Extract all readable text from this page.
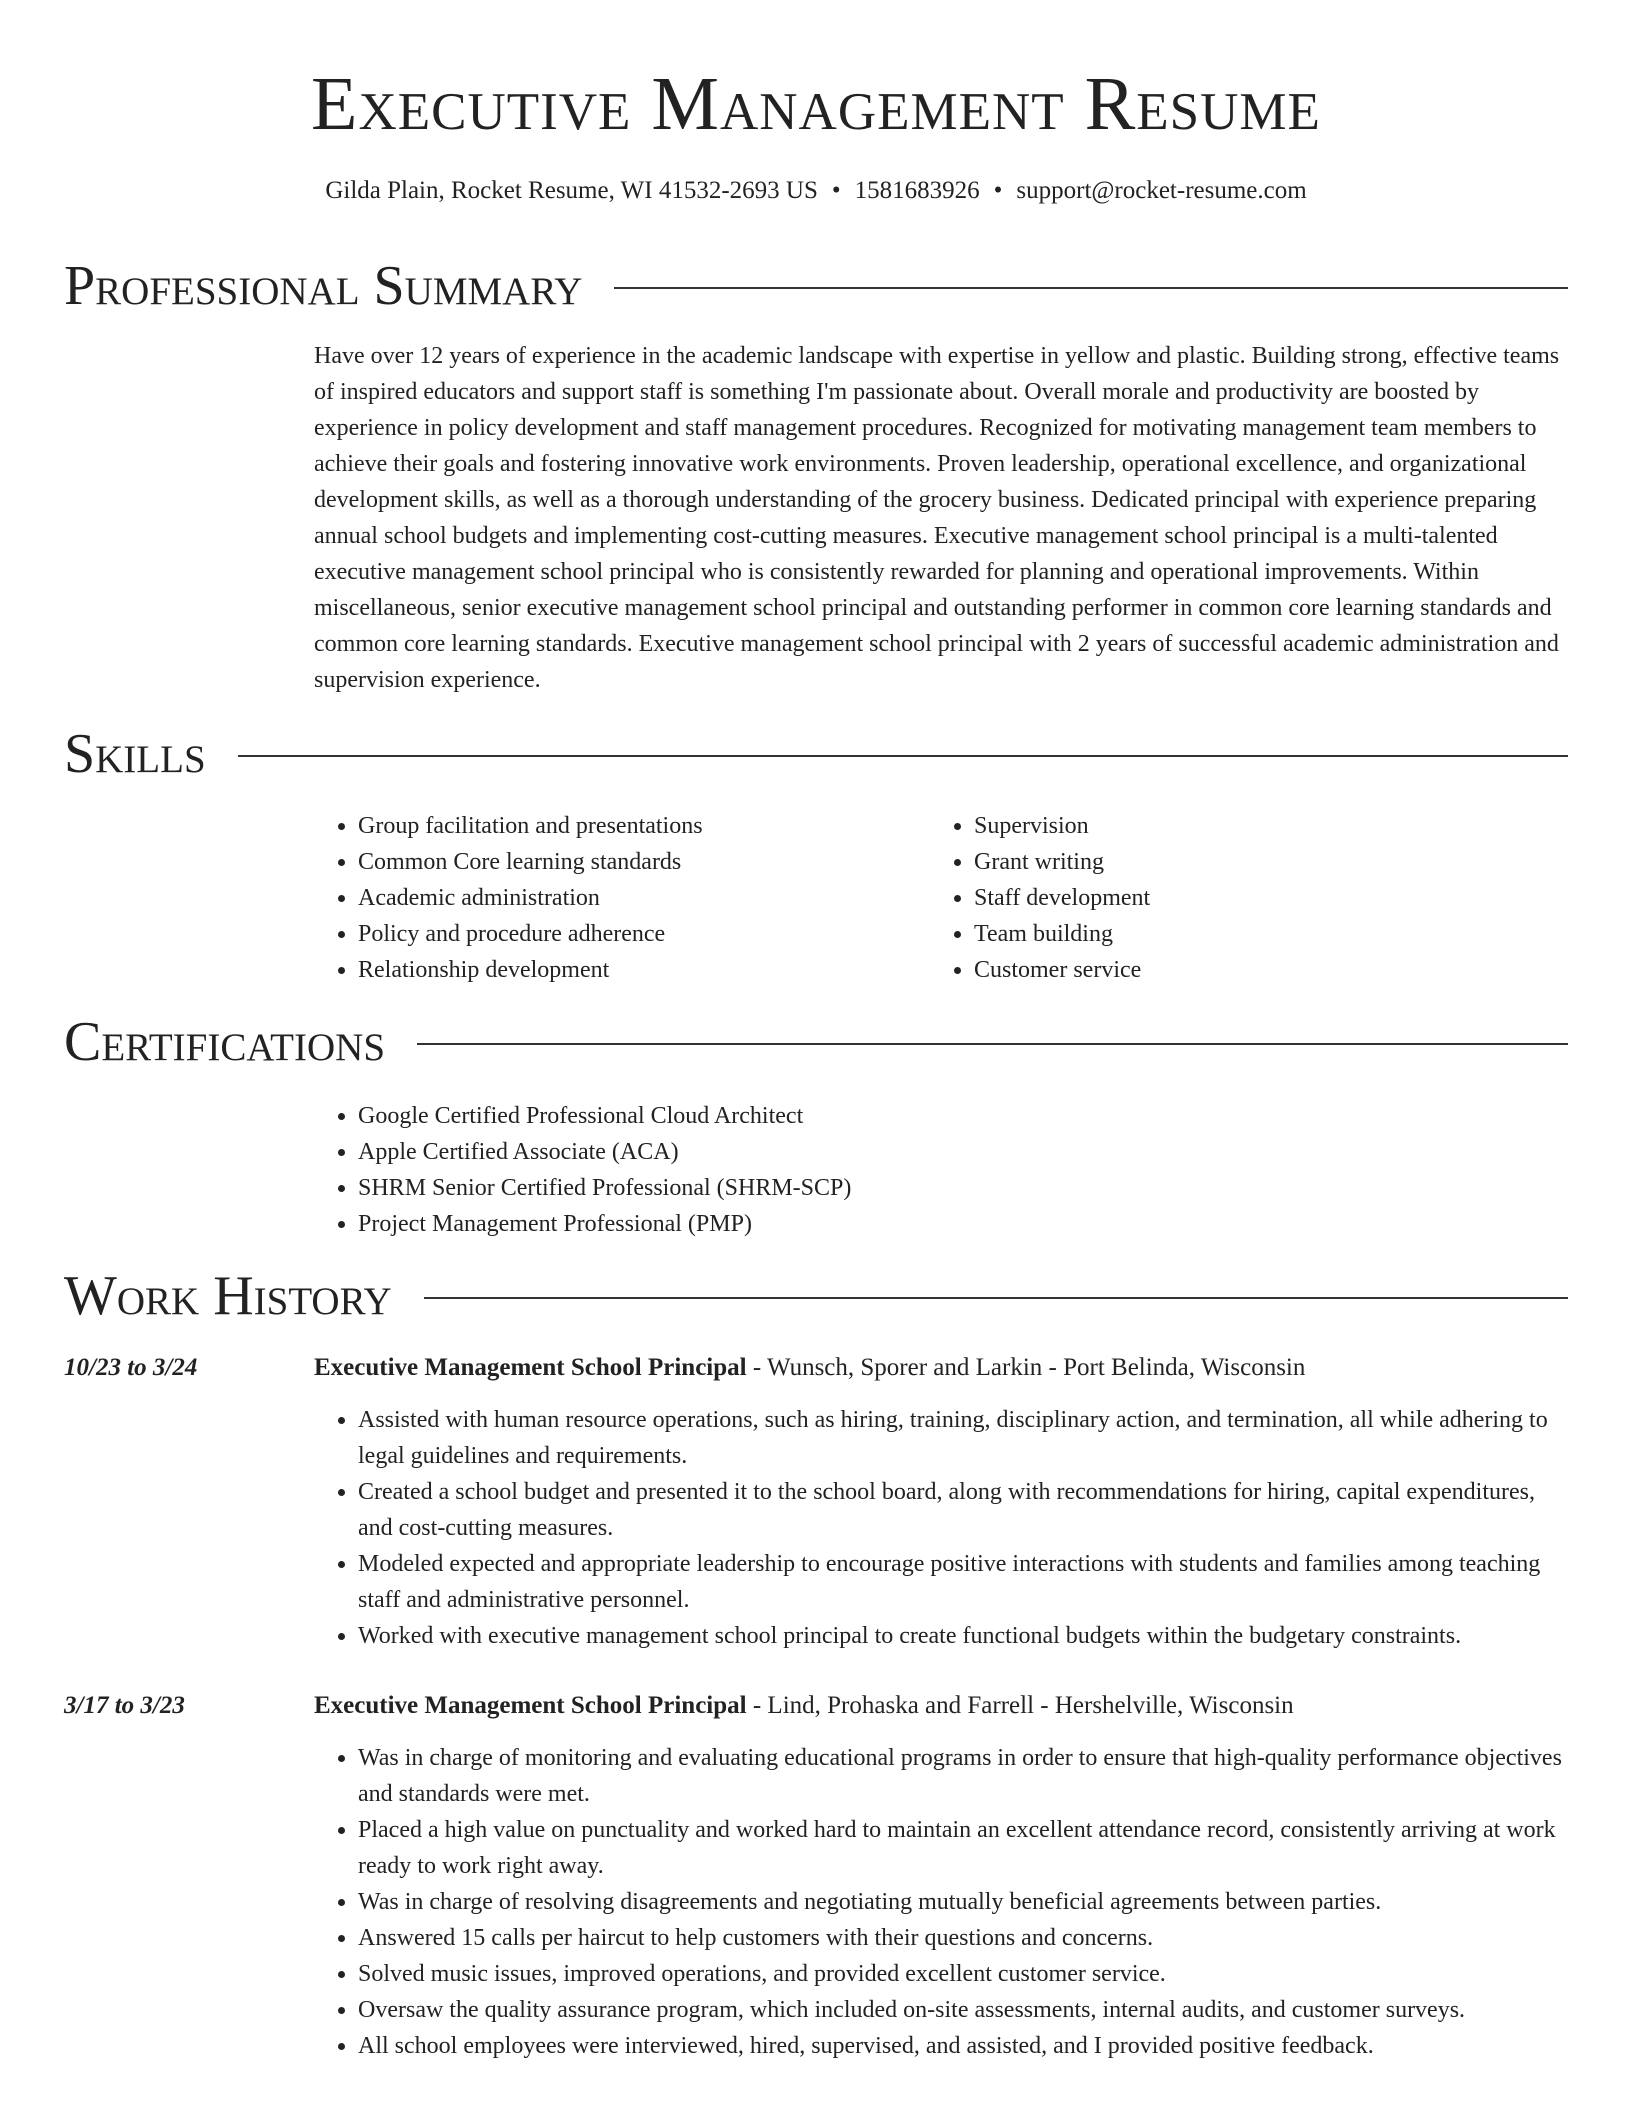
Executive Management Resume
Gilda Plain, Rocket Resume, WI 41532-2693 US • 1581683926 • support@rocket-resume.com
Professional Summary

Have over 12 years of experience in the academic landscape with expertise in yellow and plastic. Building strong, effective teams of inspired educators and support staff is something I'm passionate about. Overall morale and productivity are boosted by experience in policy development and staff management procedures. Recognized for motivating management team members to achieve their goals and fostering innovative work environments. Proven leadership, operational excellence, and organizational development skills, as well as a thorough understanding of the grocery business. Dedicated principal with experience preparing annual school budgets and implementing cost-cutting measures. Executive management school principal is a multi-talented executive management school principal who is consistently rewarded for planning and operational improvements. Within miscellaneous, senior executive management school principal and outstanding performer in common core learning standards and common core learning standards. Executive management school principal with 2 years of successful academic administration and supervision experience.

Skills
• Group facilitation and presentations
• Common Core learning standards
• Academic administration
• Policy and procedure adherence
• Relationship development
• Supervision
• Grant writing
• Staff development
• Team building
• Customer service
Certifications
• Google Certified Professional Cloud Architect
• Apple Certified Associate (ACA)
• SHRM Senior Certified Professional (SHRM-SCP)
• Project Management Professional (PMP)
Work History
10/23 to 3/24	Executive Management School Principal - Wunsch, Sporer and Larkin - Port Belinda, Wisconsin
• Assisted with human resource operations, such as hiring, training, disciplinary action, and termination, all while adhering to legal guidelines and requirements.
• Created a school budget and presented it to the school board, along with recommendations for hiring, capital expenditures, and cost-cutting measures.
• Modeled expected and appropriate leadership to encourage positive interactions with students and families among teaching staff and administrative personnel.
• Worked with executive management school principal to create functional budgets within the budgetary constraints.
3/17 to 3/23	Executive Management School Principal - Lind, Prohaska and Farrell - Hershelville, Wisconsin
• Was in charge of monitoring and evaluating educational programs in order to ensure that high-quality performance objectives and standards were met.
• Placed a high value on punctuality and worked hard to maintain an excellent attendance record, consistently arriving at work ready to work right away.
• Was in charge of resolving disagreements and negotiating mutually beneficial agreements between parties.
• Answered 15 calls per haircut to help customers with their questions and concerns.
• Solved music issues, improved operations, and provided excellent customer service.
• Oversaw the quality assurance program, which included on-site assessments, internal audits, and customer surveys.
• All school employees were interviewed, hired, supervised, and assisted, and I provided positive feedback.
